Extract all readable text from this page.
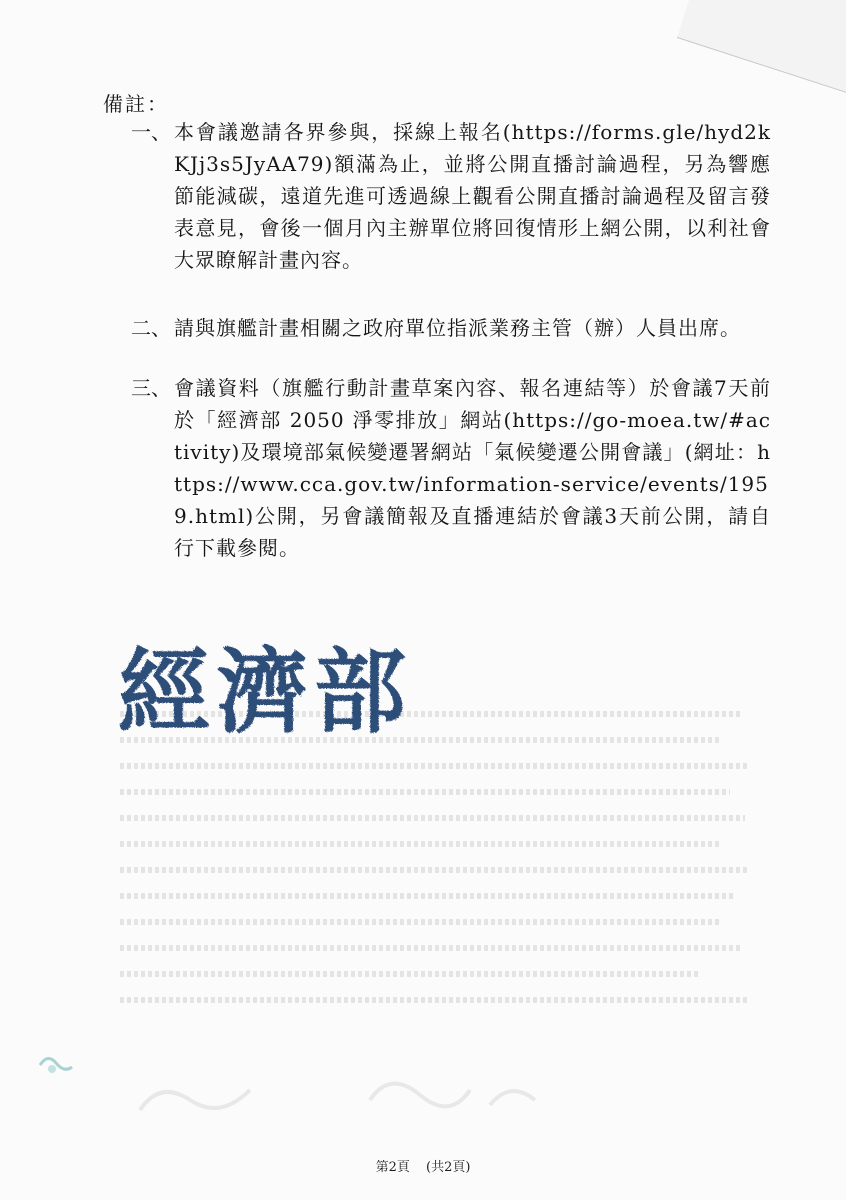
備註：
一、 本會議邀請各界參與，採線上報名(https://forms.gle/hyd2kKJj3s5JyAA79)額滿為止，並將公開直播討論過程，另為響應節能減碳，遠道先進可透過線上觀看公開直播討論過程及留言發表意見，會後一個月內主辦單位將回復情形上網公開，以利社會大眾瞭解計畫內容。
二、 請與旗艦計畫相關之政府單位指派業務主管（辦）人員出席。
三、 會議資料（旗艦行動計畫草案內容、報名連結等）於會議7天前於「經濟部 2050 淨零排放」網站(https://go-moea.tw/#activity)及環境部氣候變遷署網站「氣候變遷公開會議」(網址：https://www.cca.gov.tw/information-service/events/1959.html)公開，另會議簡報及直播連結於會議3天前公開，請自行下載參閱。
經濟部
第2頁 (共2頁)
